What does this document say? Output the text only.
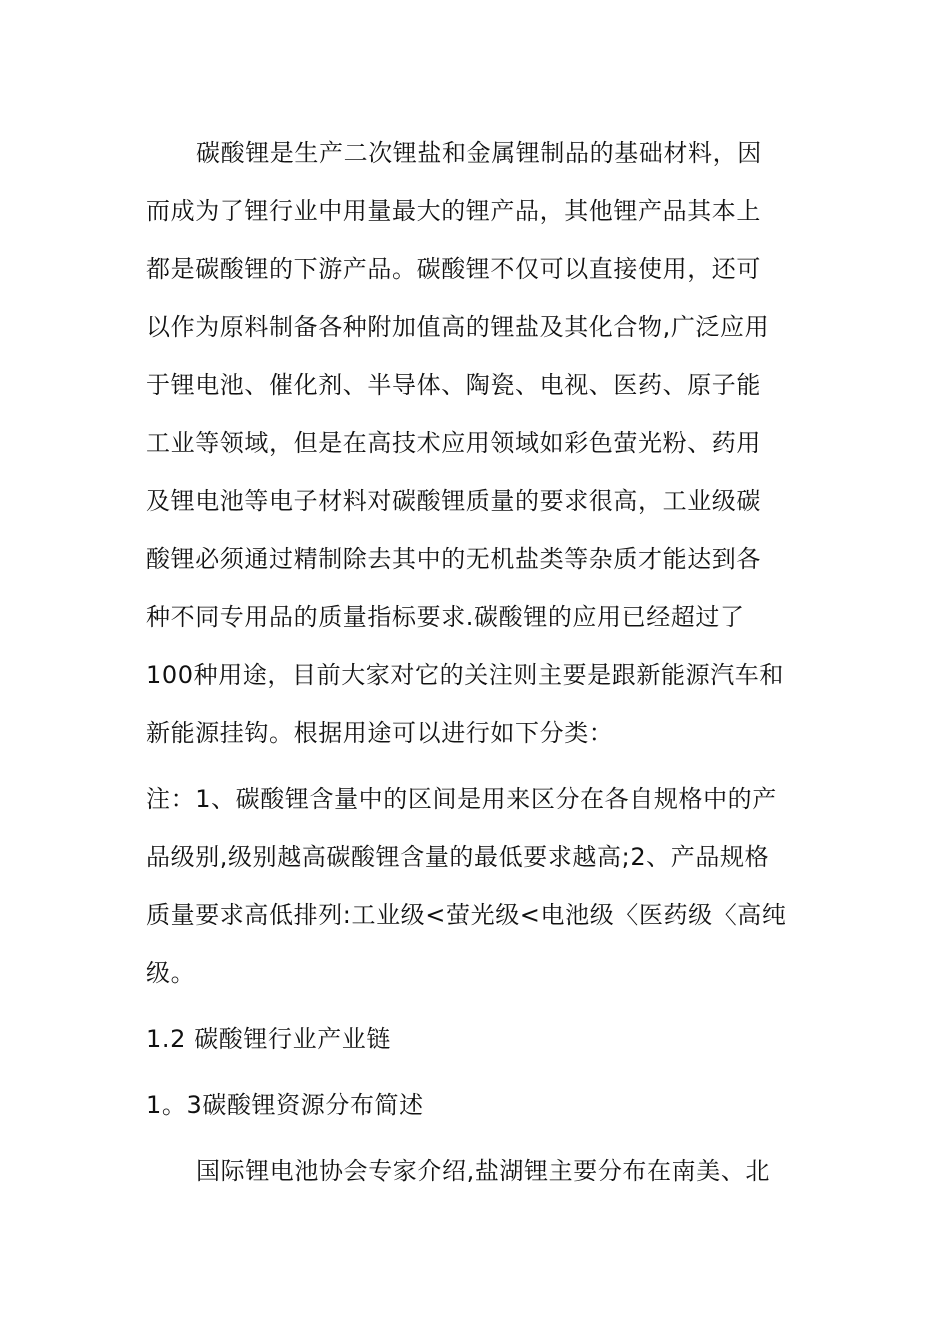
碳酸锂是生产二次锂盐和金属锂制品的基础材料，因
而成为了锂行业中用量最大的锂产品，其他锂产品其本上
都是碳酸锂的下游产品。碳酸锂不仅可以直接使用，还可
以作为原料制备各种附加值高的锂盐及其化合物,广泛应用
于锂电池、催化剂、半导体、陶瓷、电视、医药、原子能
工业等领域，但是在高技术应用领域如彩色萤光粉、药用
及锂电池等电子材料对碳酸锂质量的要求很高，工业级碳
酸锂必须通过精制除去其中的无机盐类等杂质才能达到各
种不同专用品的质量指标要求.碳酸锂的应用已经超过了
100种用途，目前大家对它的关注则主要是跟新能源汽车和
新能源挂钩。根据用途可以进行如下分类：
注：1、碳酸锂含量中的区间是用来区分在各自规格中的产
品级别,级别越高碳酸锂含量的最低要求越高;2、产品规格
质量要求高低排列:工业级<萤光级<电池级〈医药级〈高纯
级。
1.2 碳酸锂行业产业链
1。3碳酸锂资源分布简述
国际锂电池协会专家介绍,盐湖锂主要分布在南美、北
